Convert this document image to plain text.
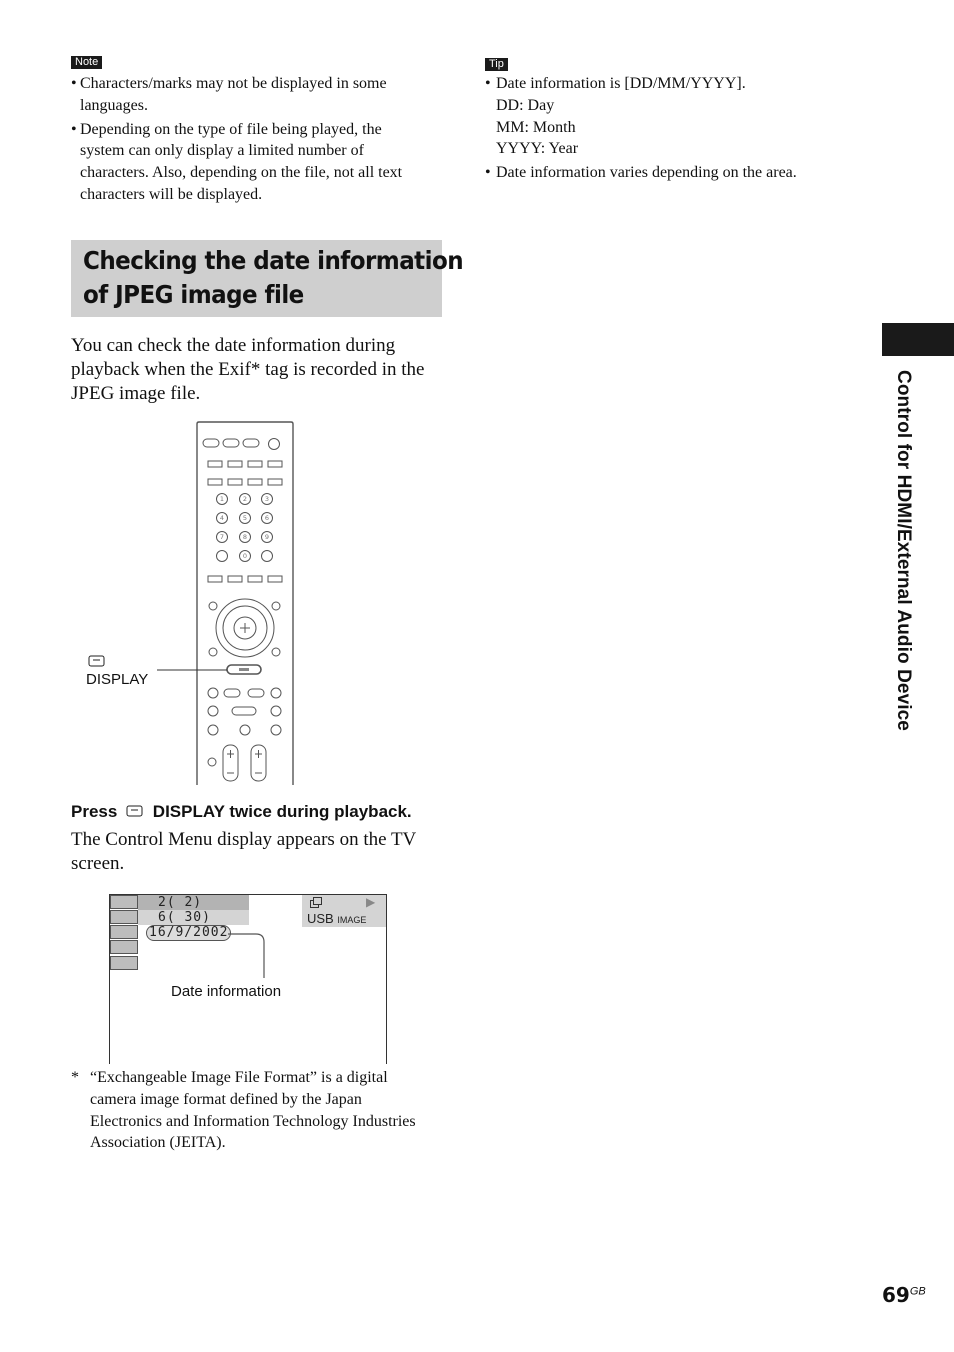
Note
• Characters/marks may not be displayed in some
languages.
• Depending on the type of file being played, the
system can only display a limited number of
characters. Also, depending on the file, not all text
characters will be displayed.
Tip
• Date information is [DD/MM/YYYY].
DD: Day
MM: Month
YYYY: Year
• Date information varies depending on the area.
Checking the date information
of JPEG image file
You can check the date information during
playback when the Exif* tag is recorded in the
JPEG image file.
1	2	3
4	5	6
7	8	9
0
DISPLAY
Press DISPLAY twice during playback.
The Control Menu display appears on the TV
screen.
2( 2)
6( 30)
16/9/2002
▶
USB IMAGE
Date information
* “Exchangeable Image File Format” is a digital
camera image format defined by the Japan
Electronics and Information Technology Industries
Association (JEITA).
Control for HDMI/External Audio Device
$69^{GB}$
